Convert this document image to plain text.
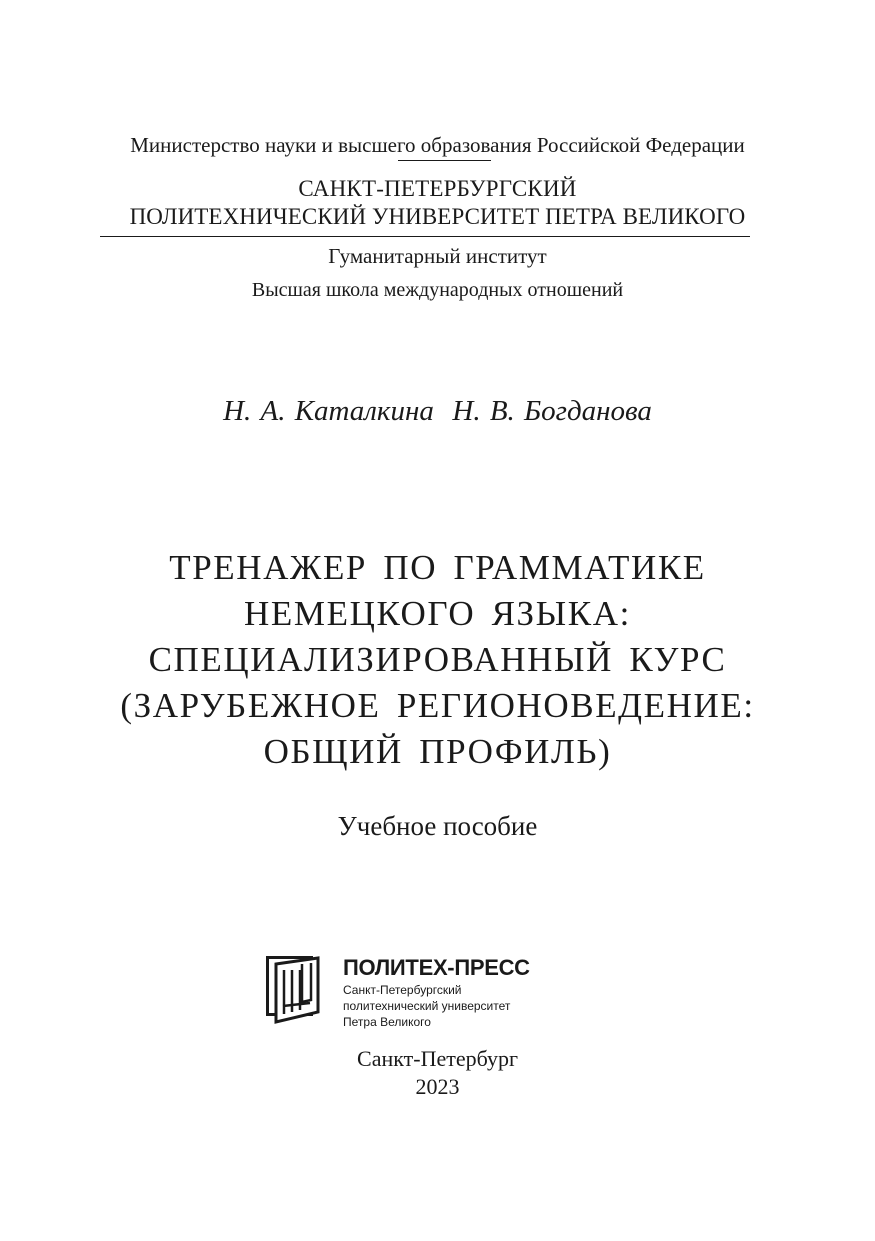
Министерство науки и высшего образования Российской Федерации
САНКТ-ПЕТЕРБУРГСКИЙ
ПОЛИТЕХНИЧЕСКИЙ УНИВЕРСИТЕТ ПЕТРА ВЕЛИКОГО
Гуманитарный институт
Высшая школа международных отношений
Н. А. Каталкина  Н. В. Богданова
ТРЕНАЖЕР ПО ГРАММАТИКЕ
НЕМЕЦКОГО ЯЗЫКА:
СПЕЦИАЛИЗИРОВАННЫЙ КУРС
(ЗАРУБЕЖНОЕ РЕГИОНОВЕДЕНИЕ:
ОБЩИЙ ПРОФИЛЬ)
Учебное пособие
ПОЛИТЕХ-ПРЕСС
Санкт-Петербургский
политехнический университет
Петра Великого
Санкт-Петербург
2023
